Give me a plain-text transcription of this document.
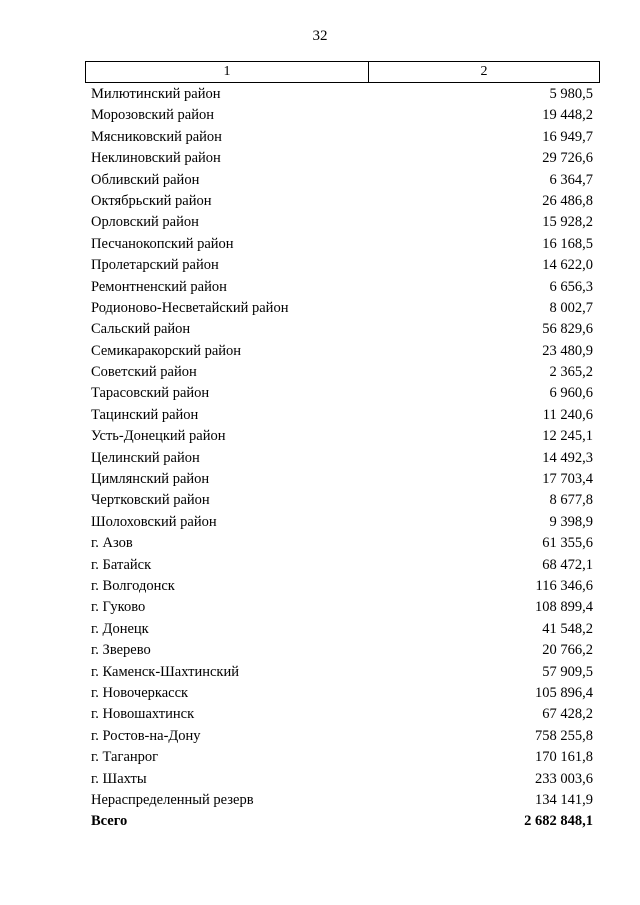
32
1	2
Милютинский район	5 980,5
Морозовский район	19 448,2
Мясниковский район	16 949,7
Неклиновский район	29 726,6
Обливский район	6 364,7
Октябрьский район	26 486,8
Орловский район	15 928,2
Песчанокопский район	16 168,5
Пролетарский район	14 622,0
Ремонтненский район	6 656,3
Родионово-Несветайский район	8 002,7
Сальский район	56 829,6
Семикаракорский район	23 480,9
Советский район	2 365,2
Тарасовский район	6 960,6
Тацинский район	11 240,6
Усть-Донецкий район	12 245,1
Целинский район	14 492,3
Цимлянский район	17 703,4
Чертковский район	8 677,8
Шолоховский район	9 398,9
г. Азов	61 355,6
г. Батайск	68 472,1
г. Волгодонск	116 346,6
г. Гуково	108 899,4
г. Донецк	41 548,2
г. Зверево	20 766,2
г. Каменск-Шахтинский	57 909,5
г. Новочеркасск	105 896,4
г. Новошахтинск	67 428,2
г. Ростов-на-Дону	758 255,8
г. Таганрог	170 161,8
г. Шахты	233 003,6
Нераспределенный резерв	134 141,9
Всего	2 682 848,1
